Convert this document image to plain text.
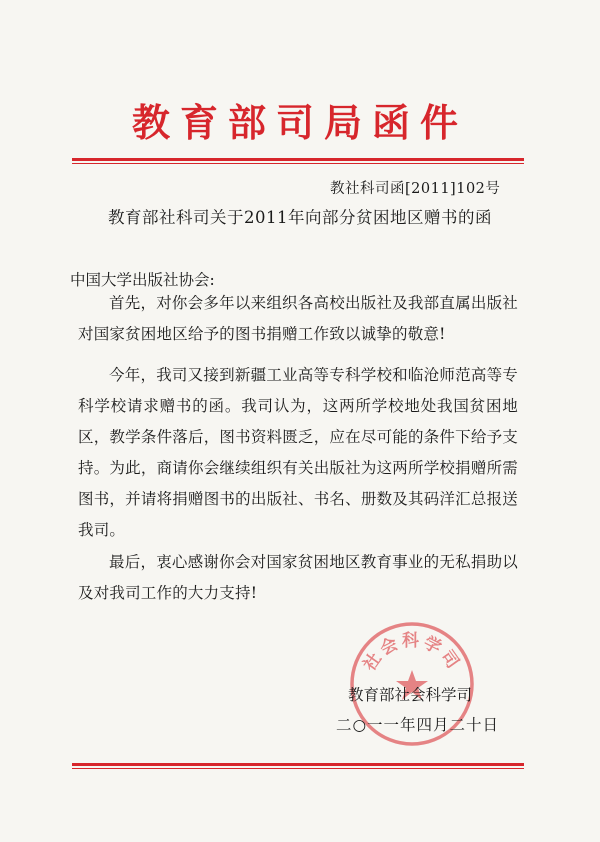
教育部司局函件
教社科司函[2011]102号
教育部社科司关于2011年向部分贫困地区赠书的函
中国大学出版社协会:

首先，对你会多年以来组织各高校出版社及我部直属出版社对国家贫困地区给予的图书捐赠工作致以诚挚的敬意!

今年，我司又接到新疆工业高等专科学校和临沧师范高等专科学校请求赠书的函。我司认为，这两所学校地处我国贫困地区，教学条件落后，图书资料匮乏，应在尽可能的条件下给予支持。为此，商请你会继续组织有关出版社为这两所学校捐赠所需图书，并请将捐赠图书的出版社、书名、册数及其码洋汇总报送我司。

最后，衷心感谢你会对国家贫困地区教育事业的无私捐助以及对我司工作的大力支持!

社会科学司
教育部社会科学司
二○一一年四月二十日
